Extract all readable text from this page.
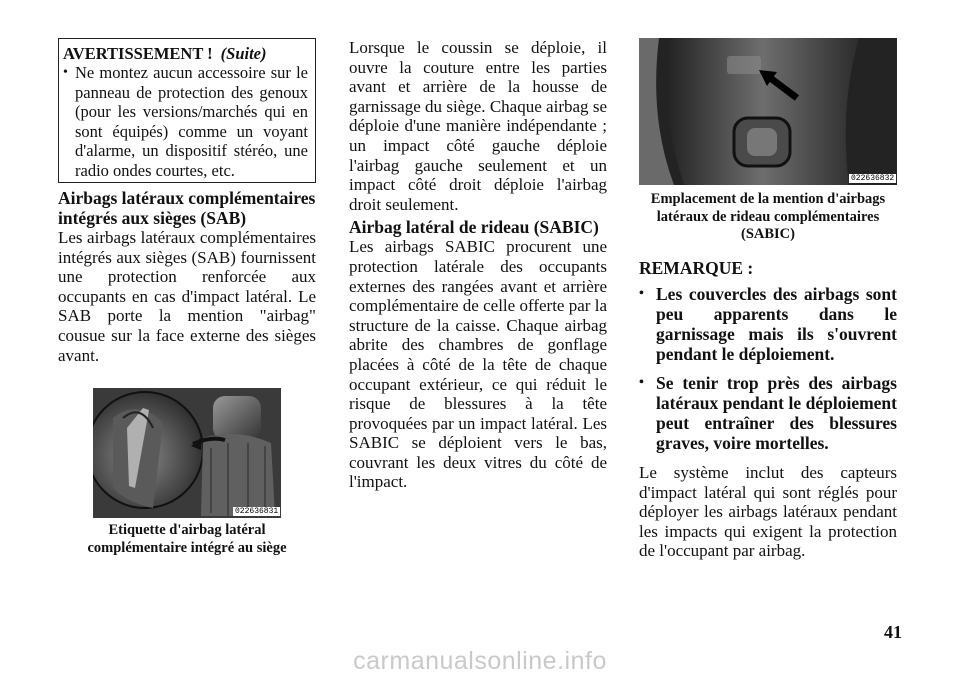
AVERTISSEMENT ! (Suite)
• Ne montez aucun accessoire sur le panneau de protection des genoux (pour les versions/marchés qui en sont équipés) comme un voyant d'alarme, un dispositif stéréo, une radio ondes courtes, etc.

Airbags latéraux complémentaires intégrés aux sièges (SAB)

Les airbags latéraux complémentaires intégrés aux sièges (SAB) fournissent une protection renforcée aux occupants en cas d'impact latéral. Le SAB porte la mention "airbag" cousue sur la face externe des sièges avant.

022636831
Etiquette d'airbag latéral complémentaire intégré au siège

Lorsque le coussin se déploie, il ouvre la couture entre les parties avant et arrière de la housse de garnissage du siège. Chaque airbag se déploie d'une manière indépendante ; un impact côté gauche déploie l'airbag gauche seulement et un impact côté droit déploie l'airbag droit seulement.

Airbag latéral de rideau (SABIC)

Les airbags SABIC procurent une protection latérale des occupants externes des rangées avant et arrière complémentaire de celle offerte par la structure de la caisse. Chaque airbag abrite des chambres de gonflage placées à côté de la tête de chaque occupant extérieur, ce qui réduit le risque de blessures à la tête provoquées par un impact latéral. Les SABIC se déploient vers le bas, couvrant les deux vitres du côté de l'impact.

022636832
Emplacement de la mention d'airbags latéraux de rideau complémentaires (SABIC)

REMARQUE :

• Les couvercles des airbags sont peu apparents dans le garnissage mais ils s'ouvrent pendant le déploiement.
• Se tenir trop près des airbags latéraux pendant le déploiement peut entraîner des blessures graves, voire mortelles.

Le système inclut des capteurs d'impact latéral qui sont réglés pour déployer les airbags latéraux pendant les impacts qui exigent la protection de l'occupant par airbag.

41
carmanualsonline.info
